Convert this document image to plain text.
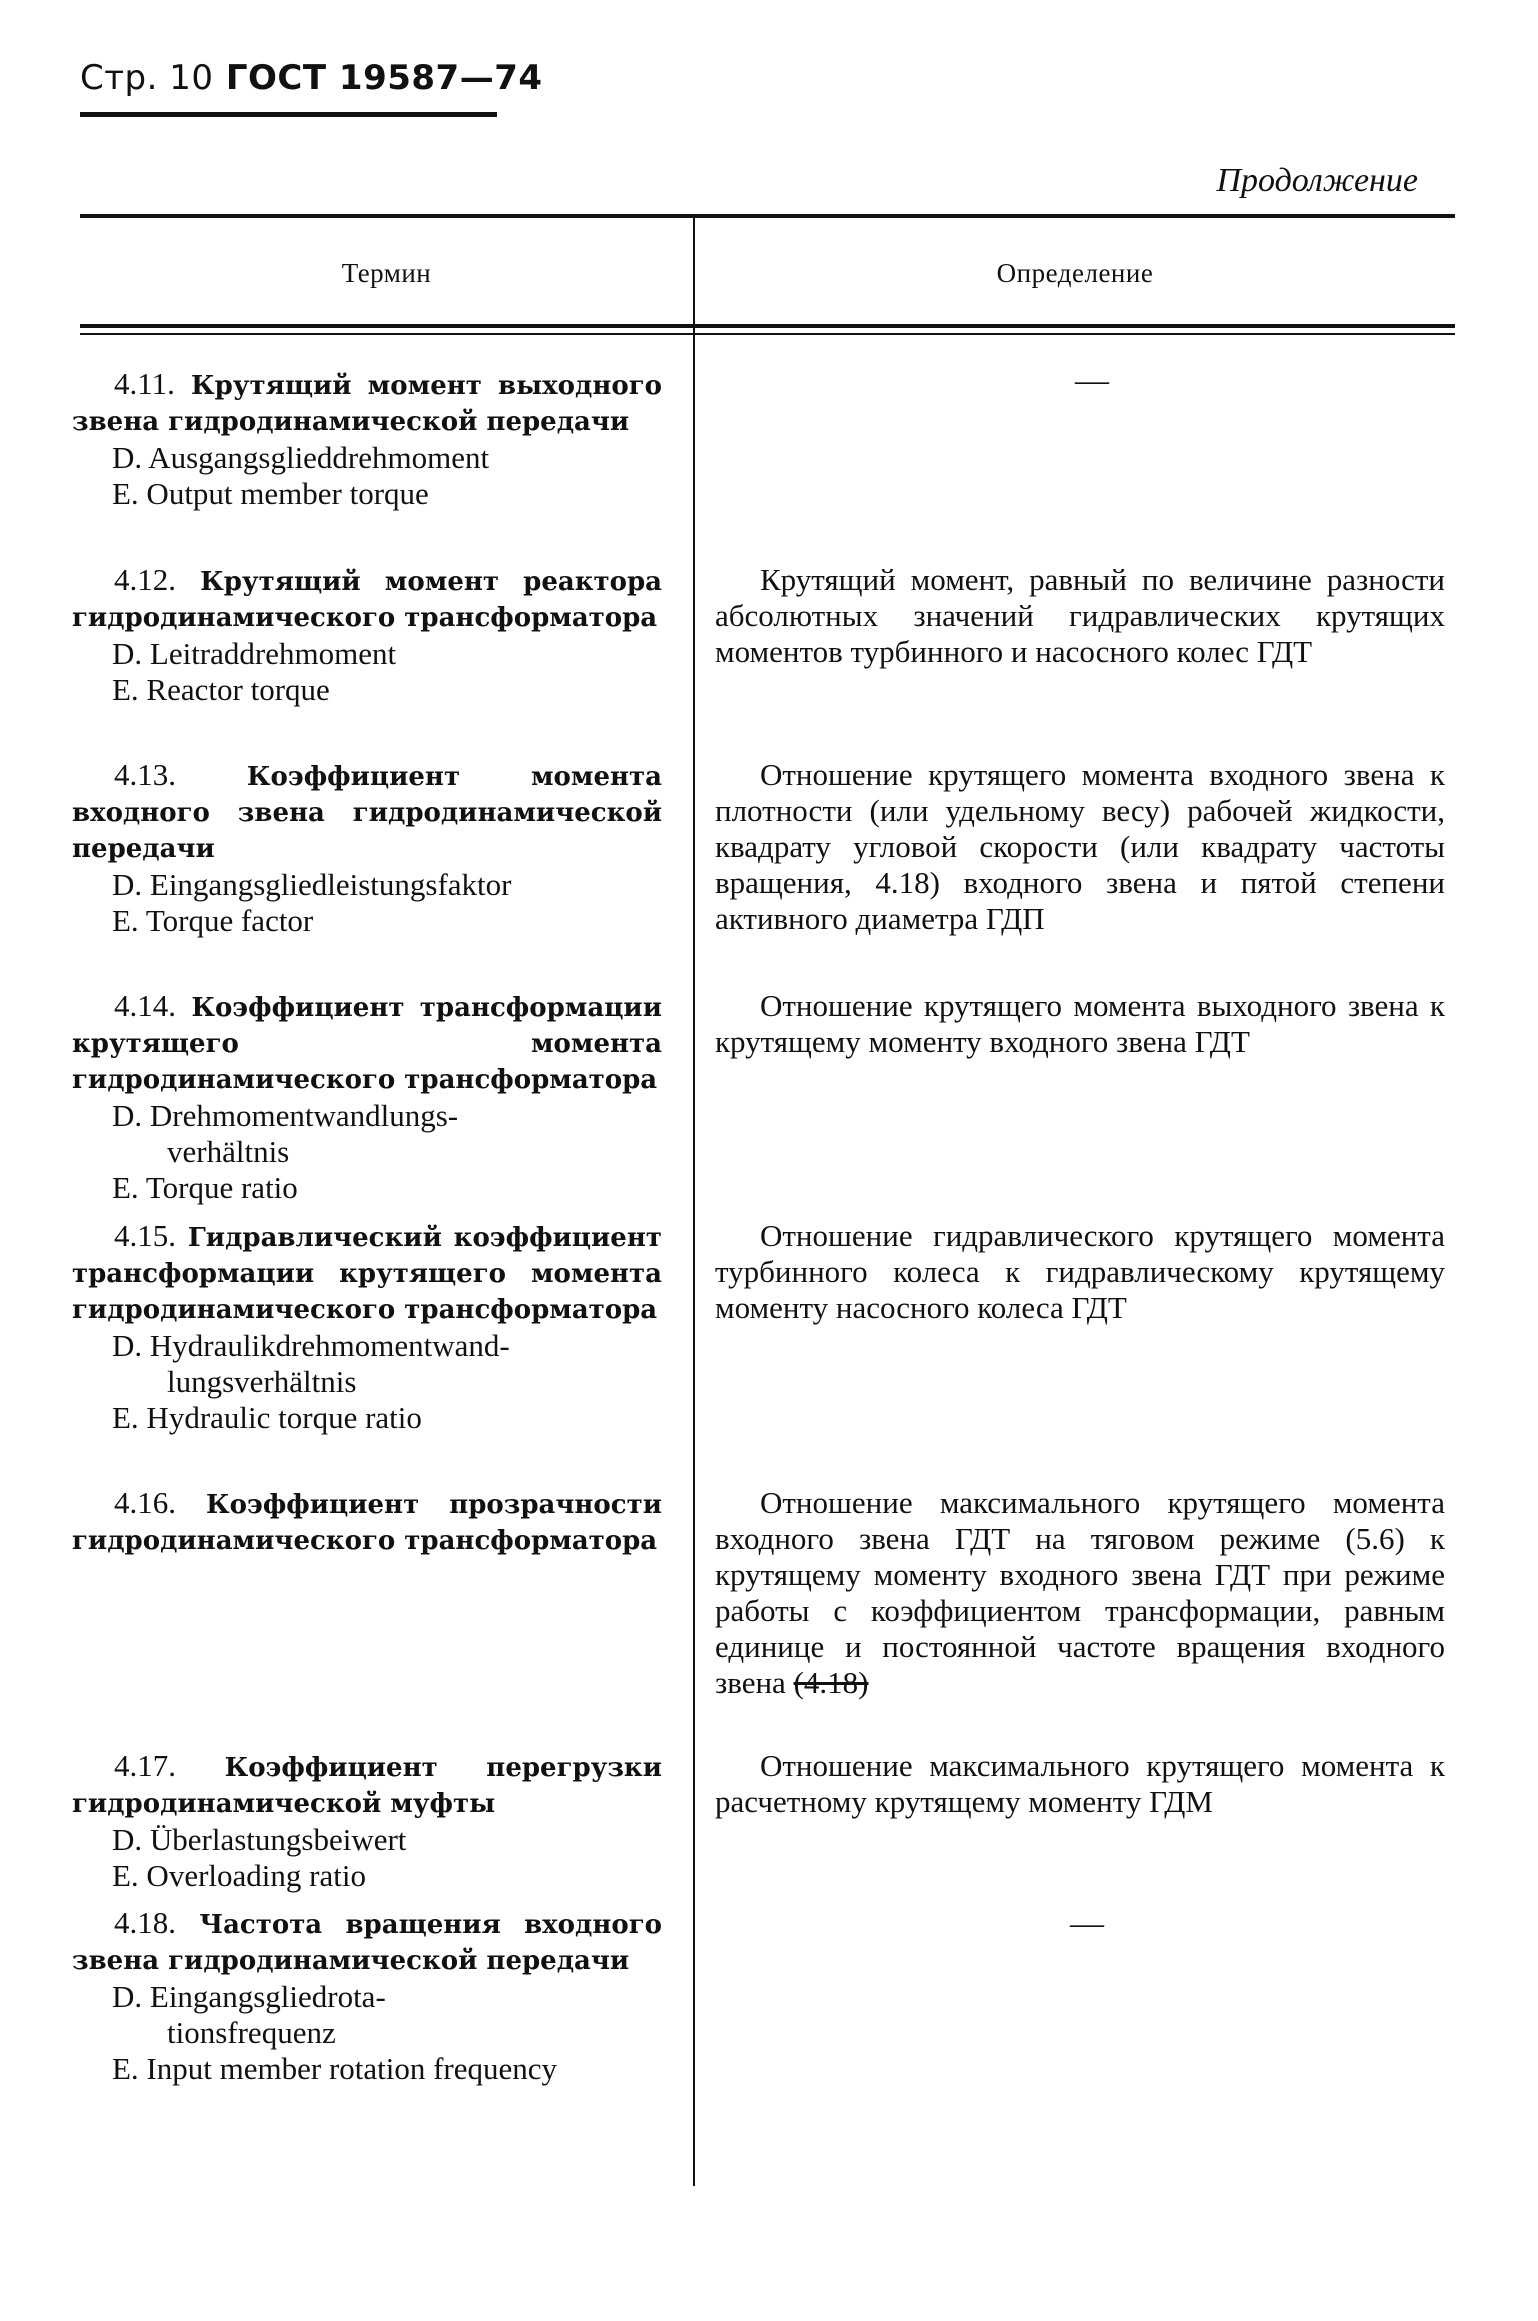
Стр. 10 ГОСТ 19587—74
Продолжение
Термин	Определение
4.11. Крутящий момент выходного звена гидродинамической передачи
D. Ausgangsglieddrehmoment
E. Output member torque
—
4.12. Крутящий момент реактора гидродинамического трансформатора
D. Leitraddrehmoment
E. Reactor torque
Крутящий момент, равный по величине разности абсолютных значений гидравлических крутящих моментов турбинного и насосного колес ГДТ
4.13.	Коэффициент момента входного звена гидродинамической передачи
D. Eingangsgliedleistungsfaktor
E. Torque factor
Отношение крутящего момента входного звена к плотности (или удельному весу) рабочей жидкости, квадрату угловой скорости (или квадрату частоты вращения, 4.18) входного звена и пятой степени активного диаметра ГДП
4.14. Коэффициент трансформации крутящего момента гидродинамического трансформатора
D. Drehmomentwandlungs-
verhältnis
E. Torque ratio
Отношение крутящего момента выходного звена к крутящему моменту входного звена ГДТ
4.15. Гидравлический коэффициент трансформации крутящего момента гидродинамического трансформатора
D. Hydraulikdrehmomentwand-
lungsverhältnis
E. Hydraulic torque ratio
Отношение гидравлического крутящего момента турбинного колеса к гидравлическому крутящему моменту насосного колеса ГДТ
4.16. Коэффициент прозрачности гидродинамического трансформатора
Отношение максимального крутящего момента входного звена ГДТ на тяговом режиме (5.6) к крутящему моменту входного звена ГДТ при режиме работы с коэффициентом трансформации, равным единице и постоянной частоте вращения входного звена (4.18)
4.17. Коэффициент перегрузки гидродинамической муфты
D. Überlastungsbeiwert
E. Overloading ratio
Отношение максимального крутящего момента к расчетному крутящему моменту ГДМ
4.18. Частота вращения входного звена гидродинамической передачи
D. Eingangsgliedrota-
tionsfrequenz
E. Input member rotation frequency
—
